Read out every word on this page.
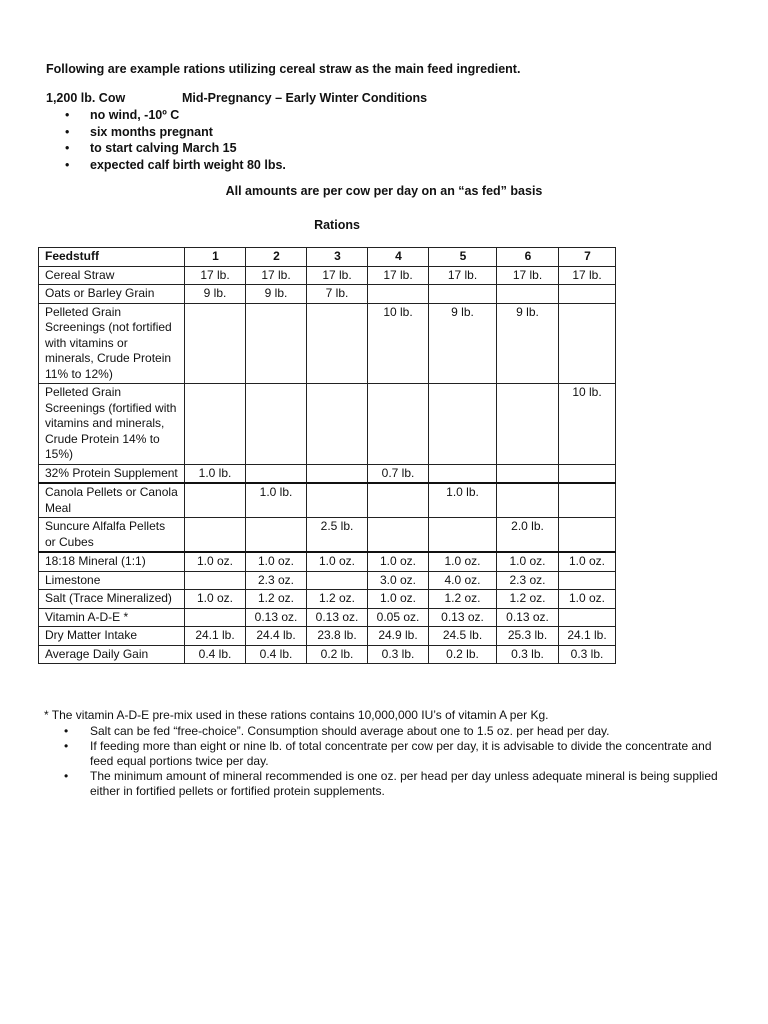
Following are example rations utilizing cereal straw as the main feed ingredient.
1,200 lb. Cow	Mid-Pregnancy – Early Winter Conditions
• no wind, -10º C
• six months pregnant
• to start calving March 15
• expected calf birth weight 80 lbs.
All amounts are per cow per day on an “as fed” basis
Rations
Feedstuff	1	2	3	4	5	6	7
Cereal Straw	17 lb.	17 lb.	17 lb.	17 lb.	17 lb.	17 lb.	17 lb.
Oats or Barley Grain	9 lb.	9 lb.	7 lb.				
Pelleted Grain Screenings (not fortified with vitamins or minerals, Crude Protein 11% to 12%)				10 lb.	9 lb.	9 lb.	
Pelleted Grain Screenings (fortified with vitamins and minerals, Crude Protein 14% to 15%)							10 lb.
32% Protein Supplement	1.0 lb.			0.7 lb.			
Canola Pellets or Canola Meal		1.0 lb.			1.0 lb.		
Suncure Alfalfa Pellets or Cubes			2.5 lb.			2.0 lb.	
18:18 Mineral (1:1)	1.0 oz.	1.0 oz.	1.0 oz.	1.0 oz.	1.0 oz.	1.0 oz.	1.0 oz.
Limestone		2.3 oz.		3.0 oz.	4.0 oz.	2.3 oz.	
Salt (Trace Mineralized)	1.0 oz.	1.2 oz.	1.2 oz.	1.0 oz.	1.2 oz.	1.2 oz.	1.0 oz.
Vitamin A-D-E *		0.13 oz.	0.13 oz.	0.05 oz.	0.13 oz.	0.13 oz.	
Dry Matter Intake	24.1 lb.	24.4 lb.	23.8 lb.	24.9 lb.	24.5 lb.	25.3 lb.	24.1 lb.
Average Daily Gain	0.4 lb.	0.4 lb.	0.2 lb.	0.3 lb.	0.2 lb.	0.3 lb.	0.3 lb.

* The vitamin A-D-E pre-mix used in these rations contains 10,000,000 IU’s of vitamin A per Kg.

• Salt can be fed “free-choice”. Consumption should average about one to 1.5 oz. per head per day.
• If feeding more than eight or nine lb. of total concentrate per cow per day, it is advisable to divide the concentrate and feed equal portions twice per day.
• The minimum amount of mineral recommended is one oz. per head per day unless adequate mineral is being supplied either in fortified pellets or fortified protein supplements.
